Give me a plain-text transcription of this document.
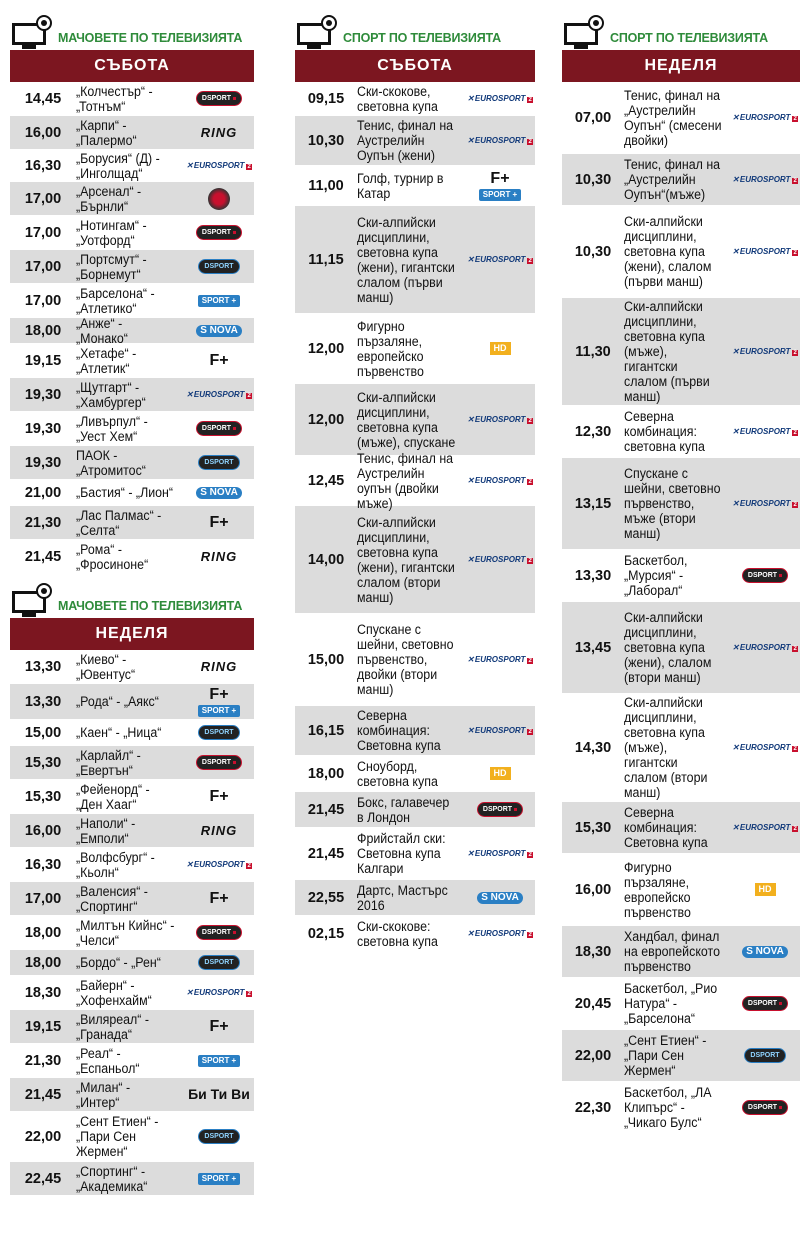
МАЧОВЕТЕ ПО ТЕЛЕВИЗИЯТА
СЪБОТА
14,45	„Колчестър“ - „Тотнъм“	DSPORT
16,00	„Карпи“ - „Палермо“	RING
16,30	„Борусия“ (Д) - „Инголщад“
✕ EUROSPORT 2
17,00	„Арсенал“ - „Бърнли“
17,00	„Нотингам“ - „Уотфорд“	DSPORT
17,00	„Портсмут“ - „Борнемут“	DSPORT
17,00	„Барселона“ - „Атлетико“
SPORT +
18,00	„Анже“ - „Монако“
S NOVA
19,15	„Хетафе“ - „Атлетик“	F+
19,30	„Щутгарт“ - „Хамбургер“
✕ EUROSPORT 2
19,30	„Ливърпул“ - „Уест Хем“	DSPORT
19,30	ПАОК - „Атромитос“	DSPORT
21,00	„Бастия“ - „Лион“
S	NOVA
21,30	„Лас Палмас“ - „Селта“	F+
21,45	„Рома“ - „Фросиноне“	RING
МАЧОВЕТЕ ПО ТЕЛЕВИЗИЯТА
НЕДЕЛЯ
13,30	„Киево“ - „Ювентус“	RING
13,30	„Рода“ - „Аякс“	F+
SPORT +
15,00	„Каен“ - „Ница“	DSPORT
15,30	„Карлайл“ - „Евертън“	DSPORT
15,30	„Фейенорд“ - „Ден Хааг“	F+
16,00	„Наполи“ - „Емполи“	RING
16,30	„Волфсбург“ - „Кьолн“
✕ EUROSPORT 2
17,00	„Валенсия“ - „Спортинг“	F+
18,00	„Милтън Кийнс“ - „Челси“	DSPORT
18,00	„Бордо“ - „Рен“	DSPORT
18,30	„Байерн“ - „Хофенхайм“
✕ EUROSPORT 2
19,15	„Виляреал“ - „Гранада“	F+
21,30	„Реал“ - „Еспаньол“
SPORT +
21,45	„Милан“ - „Интер“	Би Ти Ви
22,00
„Сент Етиен“ - „Пари Сен Жермен“
DSPORT
22,45	„Спортинг“ - „Академика“
SPORT +
СПОРТ ПО ТЕЛЕВИЗИЯТА
СЪБОТА
09,15 Ски-скокове, световна купа
✕ EUROSPORT 2
10,30
Тенис, финал на Аустрелийн Оупън (жени)
✕ EUROSPORT 2
11,00 Голф, турнир в Катар
F+
SPORT +
11,15
Ски-алпийски дисциплини, световна купа (жени), гигантски слалом (първи манш)
✕ EUROSPORT 2
12,00
Фигурно пързаляне, европейско първенство
HD
12,00
Ски-алпийски дисциплини, световна купа (мъже), спускане
✕ EUROSPORT 2
12,45
Тенис, финал на Аустрелийн оупън (двойки мъже)
✕ EUROSPORT 2
14,00
Ски-алпийски дисциплини, световна купа (жени), гигантски слалом (втори манш)
✕ EUROSPORT 2
15,00
Спускане с шейни, световно първенство, двойки (втори манш)
✕ EUROSPORT 2
16,15
Северна комбинация: Световна купа
✕ EUROSPORT 2
18,00 Сноуборд, световна купа
HD
21,45 Бокс, галавечер в Лондон	DSPORT
21,45
Фрийстайл ски: Световна купа Калгари
✕ EUROSPORT 2
22,55 Дартс, Мастърс 2016
S NOVA
02,15 Ски-скокове: световна купа
✕ EUROSPORT 2
СПОРТ ПО ТЕЛЕВИЗИЯТА
НЕДЕЛЯ
07,00
Тенис, финал на „Аустрелийн Оупън“ (смесени двойки)
✕ EUROSPORT 2
10,30
Тенис, финал на „Аустрелийн Оупън“(мъже)
✕ EUROSPORT 2
10,30
Ски-алпийски дисциплини, световна купа (жени), слалом (първи манш)
✕ EUROSPORT 2
11,30
Ски-алпийски дисциплини, световна купа (мъже), гигантски слалом (първи манш)
✕ EUROSPORT 2
12,30
Северна комбинация: световна купа
✕ EUROSPORT 2
13,15
Спускане с шейни, световно първенство, мъже (втори манш)
✕ EUROSPORT 2
13,30
Баскетбол, „Мурсия“ - „Лаборал“
DSPORT
13,45
Ски-алпийски дисциплини, световна купа (жени), слалом (втори манш)
✕ EUROSPORT 2
14,30
Ски-алпийски дисциплини, световна купа (мъже), гигантски слалом (втори манш)
✕ EUROSPORT 2
15,30
Северна комбинация: Световна купа
✕ EUROSPORT 2
16,00
Фигурно пързаляне, европейско първенство
HD
18,30
Хандбал, финал на европейското първенство
S NOVA
20,45
Баскетбол, „Рио Натура“ - „Барселона“
DSPORT
22,00
„Сент Етиен“ - „Пари Сен Жермен“
DSPORT
22,30
Баскетбол, „ЛА Клипърс“ - „Чикаго Булс“
DSPORT
